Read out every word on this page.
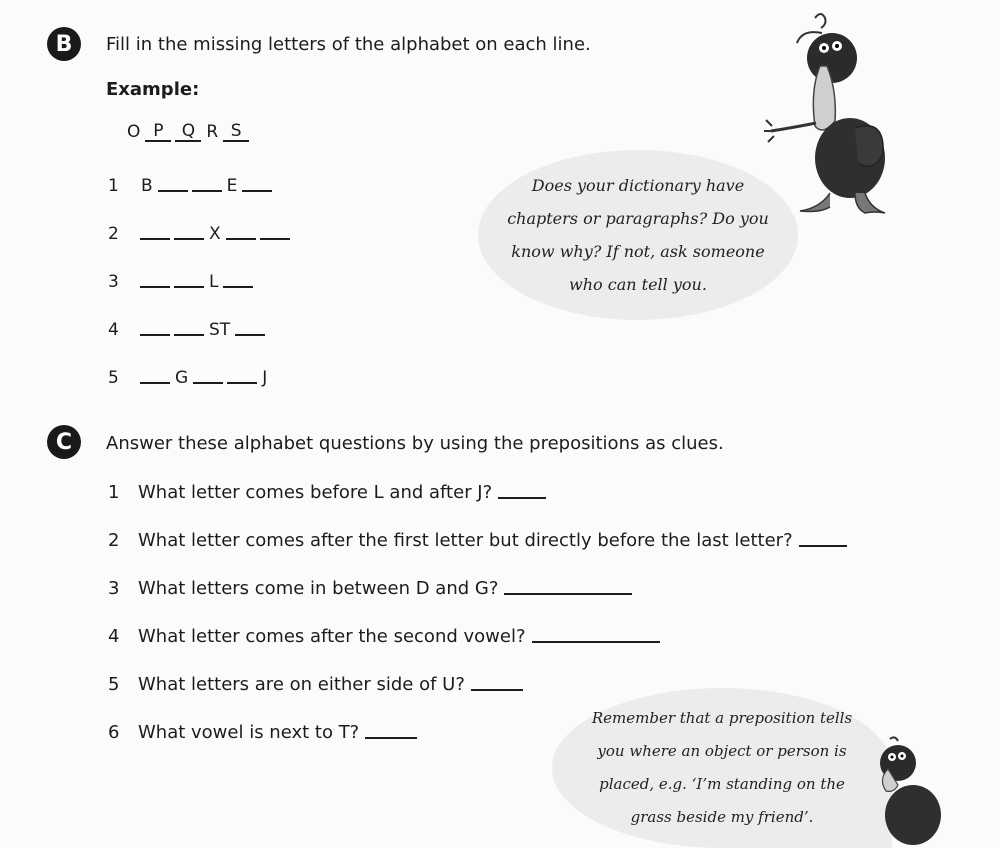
B	Fill in the missing letters of the alphabet on each line.
Example:
O P	Q R S
1	B	E
2	X
3	L
4	ST
5	G	J
Does your dictionary have
chapters or paragraphs? Do you
know why? If not, ask someone
who can tell you.
C	Answer these alphabet questions by using the prepositions as clues.
1	What letter comes before L and after J?
2	What letter comes after the first letter but directly before the last letter?
3	What letters come in between D and G?
4	What letter comes after the second vowel?
5	What letters are on either side of U?
6	What vowel is next to T?
Remember that a preposition tells
you where an object or person is
placed, e.g. ‘I’m standing on the
grass beside my friend’.
